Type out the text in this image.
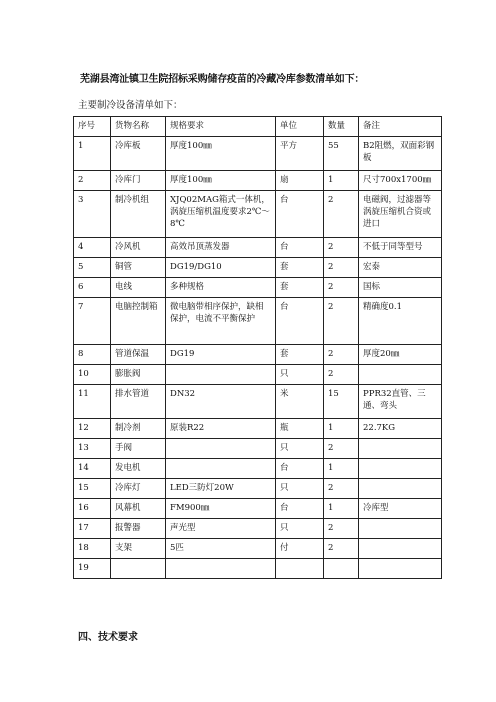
芜湖县湾沚镇卫生院招标采购储存疫苗的冷藏冷库参数清单如下：
主要制冷设备清单如下：
序号	货物名称	规格要求	单位	数量	备注
1	冷库板	厚度100㎜	平方	55	B2阻燃，双面彩钢板
2	冷库门	厚度100㎜	扇	1	尺寸700x1700㎜
3	制冷机组	XJQ02MAG箱式一体机，涡旋压缩机温度要求2℃～8℃	台	2	电磁阀，过滤器等涡旋压缩机合资或进口
4	冷风机	高效吊顶蒸发器	台	2	不低于同等型号
5	铜管	DG19/DG10	套	2	宏泰
6	电线	多种规格	套	2	国标
7	电脑控制箱	微电脑带相序保护，缺相保护，电流不平衡保护	台	2	精确度0.1
8	管道保温	DG19	套	2	厚度20㎜
10	膨胀阀		只	2	
11	排水管道	DN32	米	15	PPR32直管、三通、弯头
12	制冷剂	原装R22	瓶	1	22.7KG
13	手阀		只	2	
14	发电机		台	1	
15	冷库灯	LED三防灯20W	只	2	
16	风幕机	FM900㎜	台	1	冷库型
17	报警器	声光型	只	2	
18	支架	5匹	付	2	
19					
四、技术要求
